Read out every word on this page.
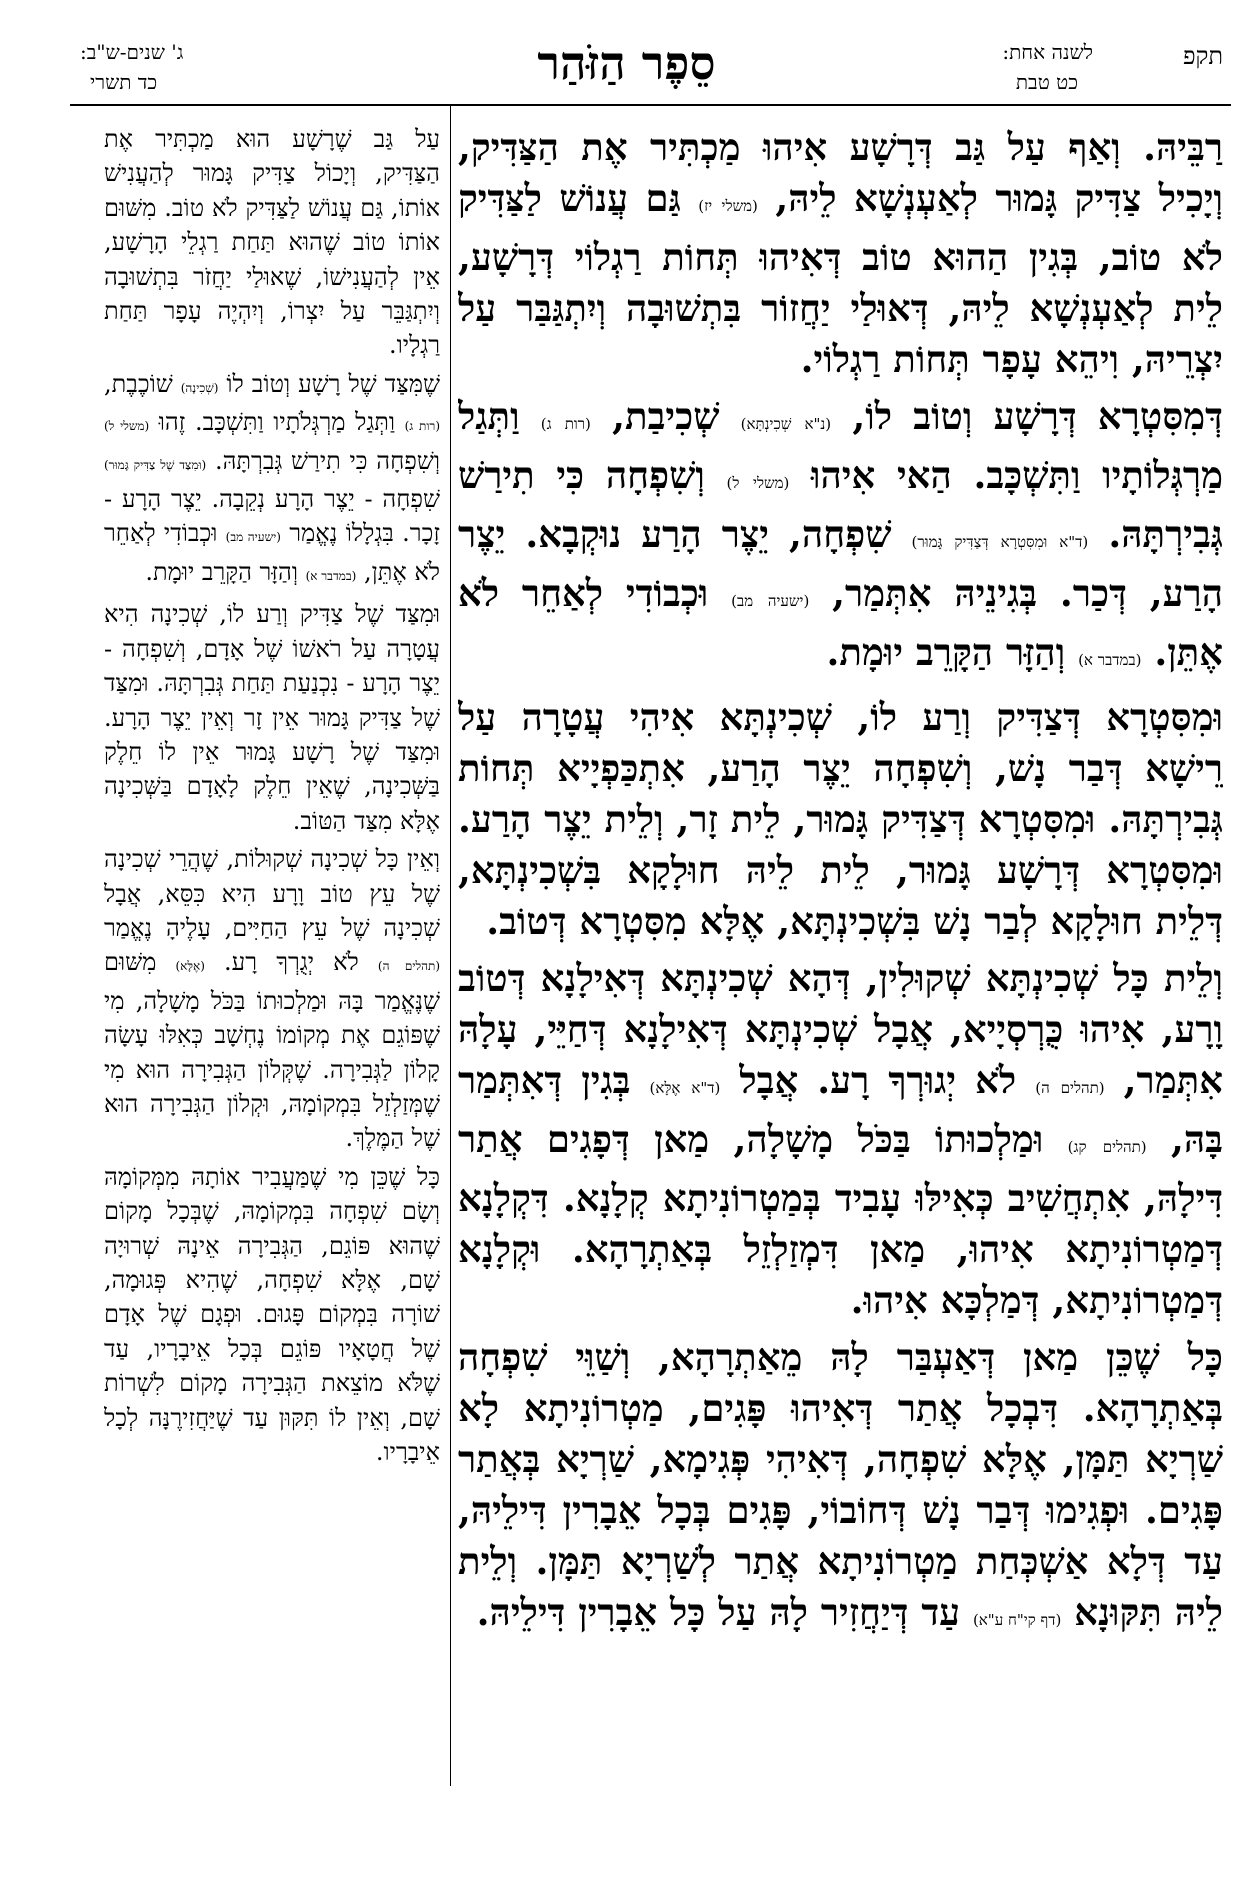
תקפ
סֵפֶר הַזֹּהַר	לשנה אחת:
כט טבת
ג' שנים-ש"ב:
כד תשרי

רַבֵּיהּ. וְאַף עַל גַּב דְּרָשָׁע אִיהוּ מַכְתִּיר אֶת הַצַּדִּיק, וְיָכִיל צַדִּיק גָּמוּר לְאַעְנְשָׁא לֵיהּ, (משלי יז) גַּם עֲנוֹשׁ לַצַּדִּיק לֹא טוֹב, בְּגִין הַהוּא טוֹב דְּאִיהוּ תְּחוֹת רַגְלוֹי דְּרָשָׁע, לֵית לְאַעְנְשָׁא לֵיהּ, דְּאוּלַי יַחֲזוֹר בִּתְשׁוּבָה וְיִתְגַּבַּר עַל יִצְרֵיהּ, וִיהֵא עָפָר תְּחוֹת רַגְלוֹי.

דְּמִסִּטְרָא דְּרָשָׁע וְטוֹב לוֹ, (נ"א שְׁכִינְתָּא) שְׁכִיבַת, (רות ג) וַתְּגַל מַרְגְּלוֹתָיו וַתִּשְׁכָּב. הַאי אִיהוּ (משלי ל) וְשִׁפְחָה כִּי תִירַשׁ גְּבִירְתָּהּ. (ד"א וּמִסִּטְרָא דְּצַדִּיק גָּמוּר) שִׁפְחָה, יֵצֶר הָרַע נוּקְבָא. יֵצֶר הָרַע, דְּכַר. בְּגִינֵיהּ אִתְּמַר, (ישעיה מב) וּכְבוֹדִי לְאַחֵר לֹא אֶתֵּן. (במדבר א) וְהַזָּר הַקָּרֵב יוּמָת.

וּמִסִּטְרָא דְּצַדִּיק וְרַע לוֹ, שְׁכִינְתָּא אִיהִי עֲטָרָה עַל רֵישָׁא דְּבַר נָשׁ, וְשִׁפְחָה יֵצֶר הָרַע, אִתְכַּפְיָיא תְּחוֹת גְּבִירְתָּהּ. וּמִסִּטְרָא דְּצַדִּיק גָּמוּר, לֵית זָר, וְלֵית יֵצֶר הָרַע. וּמִסִּטְרָא דְּרָשָׁע גָּמוּר, לֵית לֵיהּ חוּלָקָא בִּשְׁכִינְתָּא, דְּלֵית חוּלָקָא לְבַר נָשׁ בִּשְׁכִינְתָּא, אֶלָּא מִסִּטְרָא דְּטוֹב.

וְלֵית כָּל שְׁכִינְתָּא שְׁקוּלִין, דְּהָא שְׁכִינְתָּא דְּאִילָנָא דְּטוֹב וָרָע, אִיהוּ כֻּרְסְיָיא, אֲבָל שְׁכִינְתָּא דְּאִילָנָא דְּחַיֵּי, עָלָהּ אִתְּמַר, (תהלים ה) לֹא יְגוּרְךָ רָע. אֲבָל (ד"א אֶלָּא) בְּגִין דְּאִתְּמַר בָּהּ, (תהלים קג) וּמַלְכוּתוֹ בַּכֹּל מָשָׁלָה, מַאן דְּפָגִים אֲתַר דִּילָהּ, אִתְחֲשִׁיב כְּאִילּוּ עָבִיד בְּמַטְרוֹנִיתָא קְלָנָא. דִּקְלָנָא דְּמַטְרוֹנִיתָא אִיהוּ, מַאן דִּמְזַלְזֵל בְּאַתְרָהָא. וּקְלָנָא דְּמַטְרוֹנִיתָא, דְּמַלְכָּא אִיהוּ.

כָּל שֶׁכֵּן מַאן דְּאַעְבַּר לָהּ מֵאַתְרָהָא, וְשַׁוֵּי שִׁפְחָה בְּאַתְרָהָא. דִּבְכָל אֲתַר דְּאִיהוּ פָּגִים, מַטְרוֹנִיתָא לָא שַׁרְיָא תַּמָּן, אֶלָּא שִׁפְחָה, דְּאִיהִי פְּגִימָא, שַׁרְיָא בְּאֲתַר פָּגִים. וּפְגִימוּ דְּבַר נָשׁ דְּחוֹבוֹי, פָּגִים בְּכָל אֵבָרִין דִּילֵיהּ, עַד דְּלָא אַשְׁכְּחַת מַטְרוֹנִיתָא אֲתַר לְשַׁרְיָא תַּמָּן. וְלֵית לֵיהּ תִּקּוּנָא (דף קי"ח ע"א) עַד דְּיַחֲזִיר לָהּ עַל כָּל אֵבָרִין דִּילֵיהּ.

עַל גַּב שֶׁרָשָׁע הוּא מַכְתִּיר אֶת הַצַּדִּיק, וְיָכוֹל צַדִּיק גָּמוּר לְהַעֲנִישׁ אוֹתוֹ, גַּם עֲנוֹשׁ לַצַּדִּיק לֹא טוֹב. מִשּׁוּם אוֹתוֹ טוֹב שֶׁהוּא תַּחַת רַגְלֵי הָרָשָׁע, אֵין לְהַעֲנִישׁוֹ, שֶׁאוּלַי יַחֲזֹר בִּתְשׁוּבָה וְיִתְגַּבֵּר עַל יִצְרוֹ, וְיִהְיֶה עָפָר תַּחַת רַגְלָיו.

שֶׁמִּצַּד שֶׁל רָשָׁע וְטוֹב לוֹ (שְׁכִינָה) שׁוֹכֶבֶת, (רות ג) וַתְּגַל מַרְגְּלֹתָיו וַתִּשְׁכָּב. זֶהוּ (משלי ל) וְשִׁפְחָה כִּי תִירַשׁ גְּבִרְתָּהּ. (וּמִצַּד שֶׁל צַדִּיק גָּמוּר) שִׁפְחָה - יֵצֶר הָרָע נְקֵבָה. יֵצֶר הָרָע - זָכָר. בִּגְלָלוֹ נֶאֱמַר (ישעיה מב) וּכְבוֹדִי לְאַחֵר לֹא אֶתֵּן, (במדבר א) וְהַזָּר הַקָּרֵב יוּמָת.

וּמִצַּד שֶׁל צַדִּיק וְרַע לוֹ, שְׁכִינָה הִיא עֲטָרָה עַל רֹאשׁוֹ שֶׁל אָדָם, וְשִׁפְחָה - יֵצֶר הָרָע - נִכְנַעַת תַּחַת גְּבִרְתָּהּ. וּמִצַּד שֶׁל צַדִּיק גָּמוּר אֵין זָר וְאֵין יֵצֶר הָרָע. וּמִצַּד שֶׁל רָשָׁע גָּמוּר אֵין לוֹ חֵלֶק בַּשְּׁכִינָה, שֶׁאֵין חֵלֶק לָאָדָם בַּשְּׁכִינָה אֶלָּא מִצַּד הַטּוֹב.

וְאֵין כָּל שְׁכִינָה שְׁקוּלוֹת, שֶׁהֲרֵי שְׁכִינָה שֶׁל עֵץ טוֹב וָרָע הִיא כִּסֵּא, אֲבָל שְׁכִינָה שֶׁל עֵץ הַחַיִּים, עָלֶיהָ נֶאֱמַר (תהלים ה) לֹא יְגֻרְךָ רָע. (אֶלָּא) מִשּׁוּם שֶׁנֶּאֱמַר בָּהּ וּמַלְכוּתוֹ בַּכֹּל מָשָׁלָה, מִי שֶׁפּוֹגֵם אֶת מְקוֹמוֹ נֶחְשָׁב כְּאִלּוּ עָשָׂה קָלוֹן לַגְּבִירָה. שֶׁקְּלוֹן הַגְּבִירָה הוּא מִי שֶׁמְּזַלְזֵל בִּמְקוֹמָהּ, וּקְלוֹן הַגְּבִירָה הוּא שֶׁל הַמֶּלֶךְ.

כָּל שֶׁכֵּן מִי שֶׁמַּעֲבִיר אוֹתָהּ מִמְּקוֹמָהּ וְשָׂם שִׁפְחָה בִּמְקוֹמָהּ, שֶׁבְּכָל מָקוֹם שֶׁהוּא פּוֹגֵם, הַגְּבִירָה אֵינָהּ שְׁרוּיָה שָׁם, אֶלָּא שִׁפְחָה, שֶׁהִיא פְּגוּמָה, שׁוֹרָה בִּמְקוֹם פָּגוּם. וּפְגָם שֶׁל אָדָם שֶׁל חֲטָאָיו פּוֹגֵם בְּכָל אֵיבָרָיו, עַד שֶׁלֹּא מוֹצֵאת הַגְּבִירָה מָקוֹם לִשְׁרוֹת שָׁם, וְאֵין לוֹ תִּקּוּן עַד שֶׁיַּחֲזִירֶנָּה לְכָל אֵיבָרָיו.
